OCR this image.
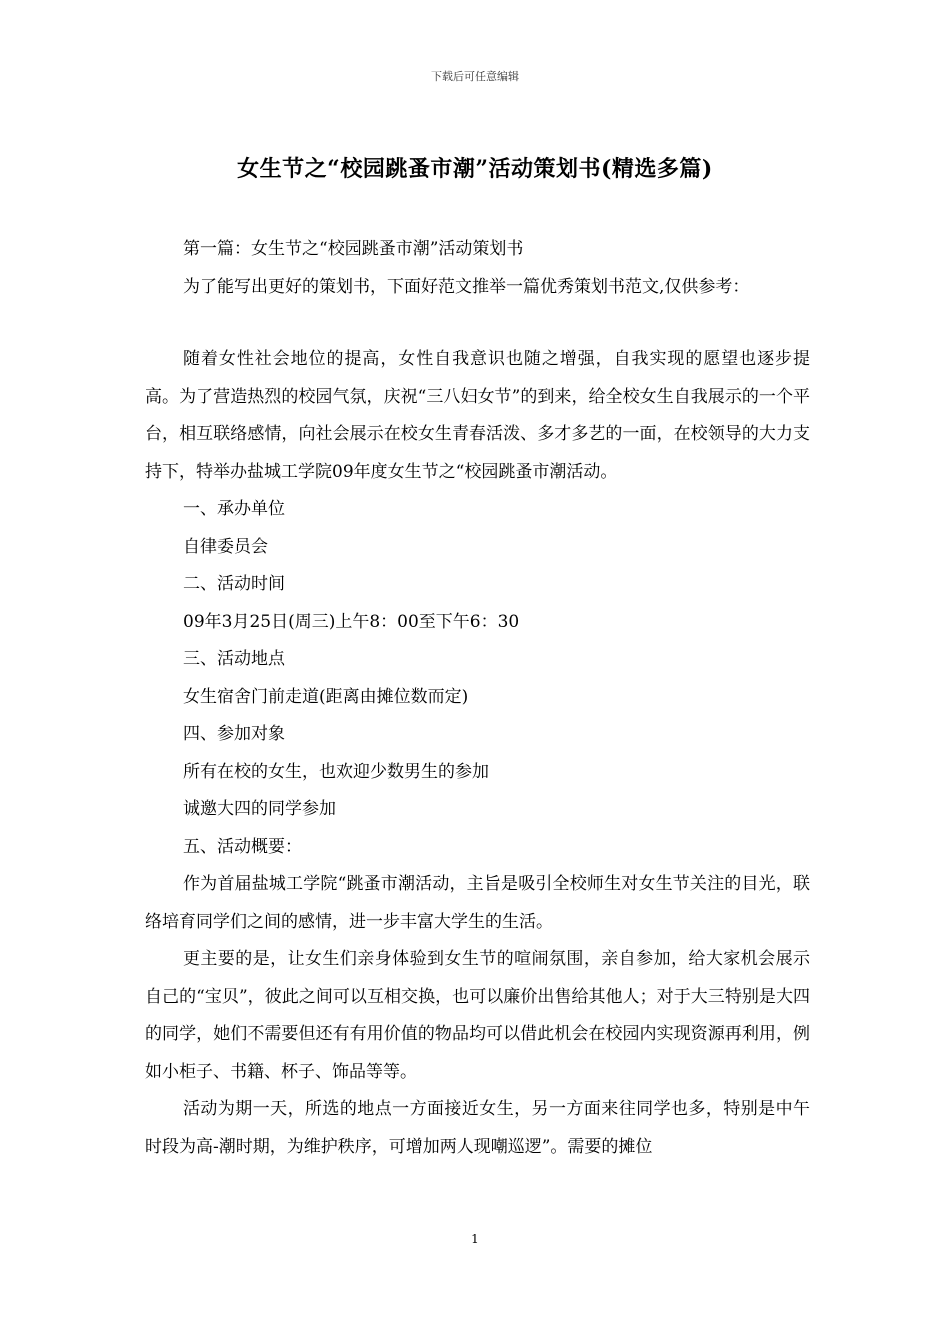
下载后可任意编辑
女生节之“校园跳蚤市潮”活动策划书(精选多篇)

第一篇：女生节之“校园跳蚤市潮”活动策划书

为了能写出更好的策划书，下面好范文推举一篇优秀策划书范文,仅供参考：

随着女性社会地位的提高，女性自我意识也随之增强，自我实现的愿望也逐步提高。为了营造热烈的校园气氛，庆祝“三八妇女节”的到来，给全校女生自我展示的一个平台，相互联络感情，向社会展示在校女生青春活泼、多才多艺的一面，在校领导的大力支持下，特举办盐城工学院09年度女生节之“校园跳蚤市潮活动。

一、承办单位

自律委员会

二、活动时间

09年3月25日(周三)上午8：00至下午6：30

三、活动地点

女生宿舍门前走道(距离由摊位数而定)

四、参加对象

所有在校的女生，也欢迎少数男生的参加

诚邀大四的同学参加

五、活动概要：

作为首届盐城工学院“跳蚤市潮活动，主旨是吸引全校师生对女生节关注的目光，联络培育同学们之间的感情，进一步丰富大学生的生活。

更主要的是，让女生们亲身体验到女生节的喧闹氛围，亲自参加，给大家机会展示自己的“宝贝”，彼此之间可以互相交换，也可以廉价出售给其他人；对于大三特别是大四的同学，她们不需要但还有有用价值的物品均可以借此机会在校园内实现资源再利用，例如小柜子、书籍、杯子、饰品等等。

活动为期一天，所选的地点一方面接近女生，另一方面来往同学也多，特别是中午时段为高-潮时期，为维护秩序，可增加两人现嘲巡逻”。需要的摊位

1
